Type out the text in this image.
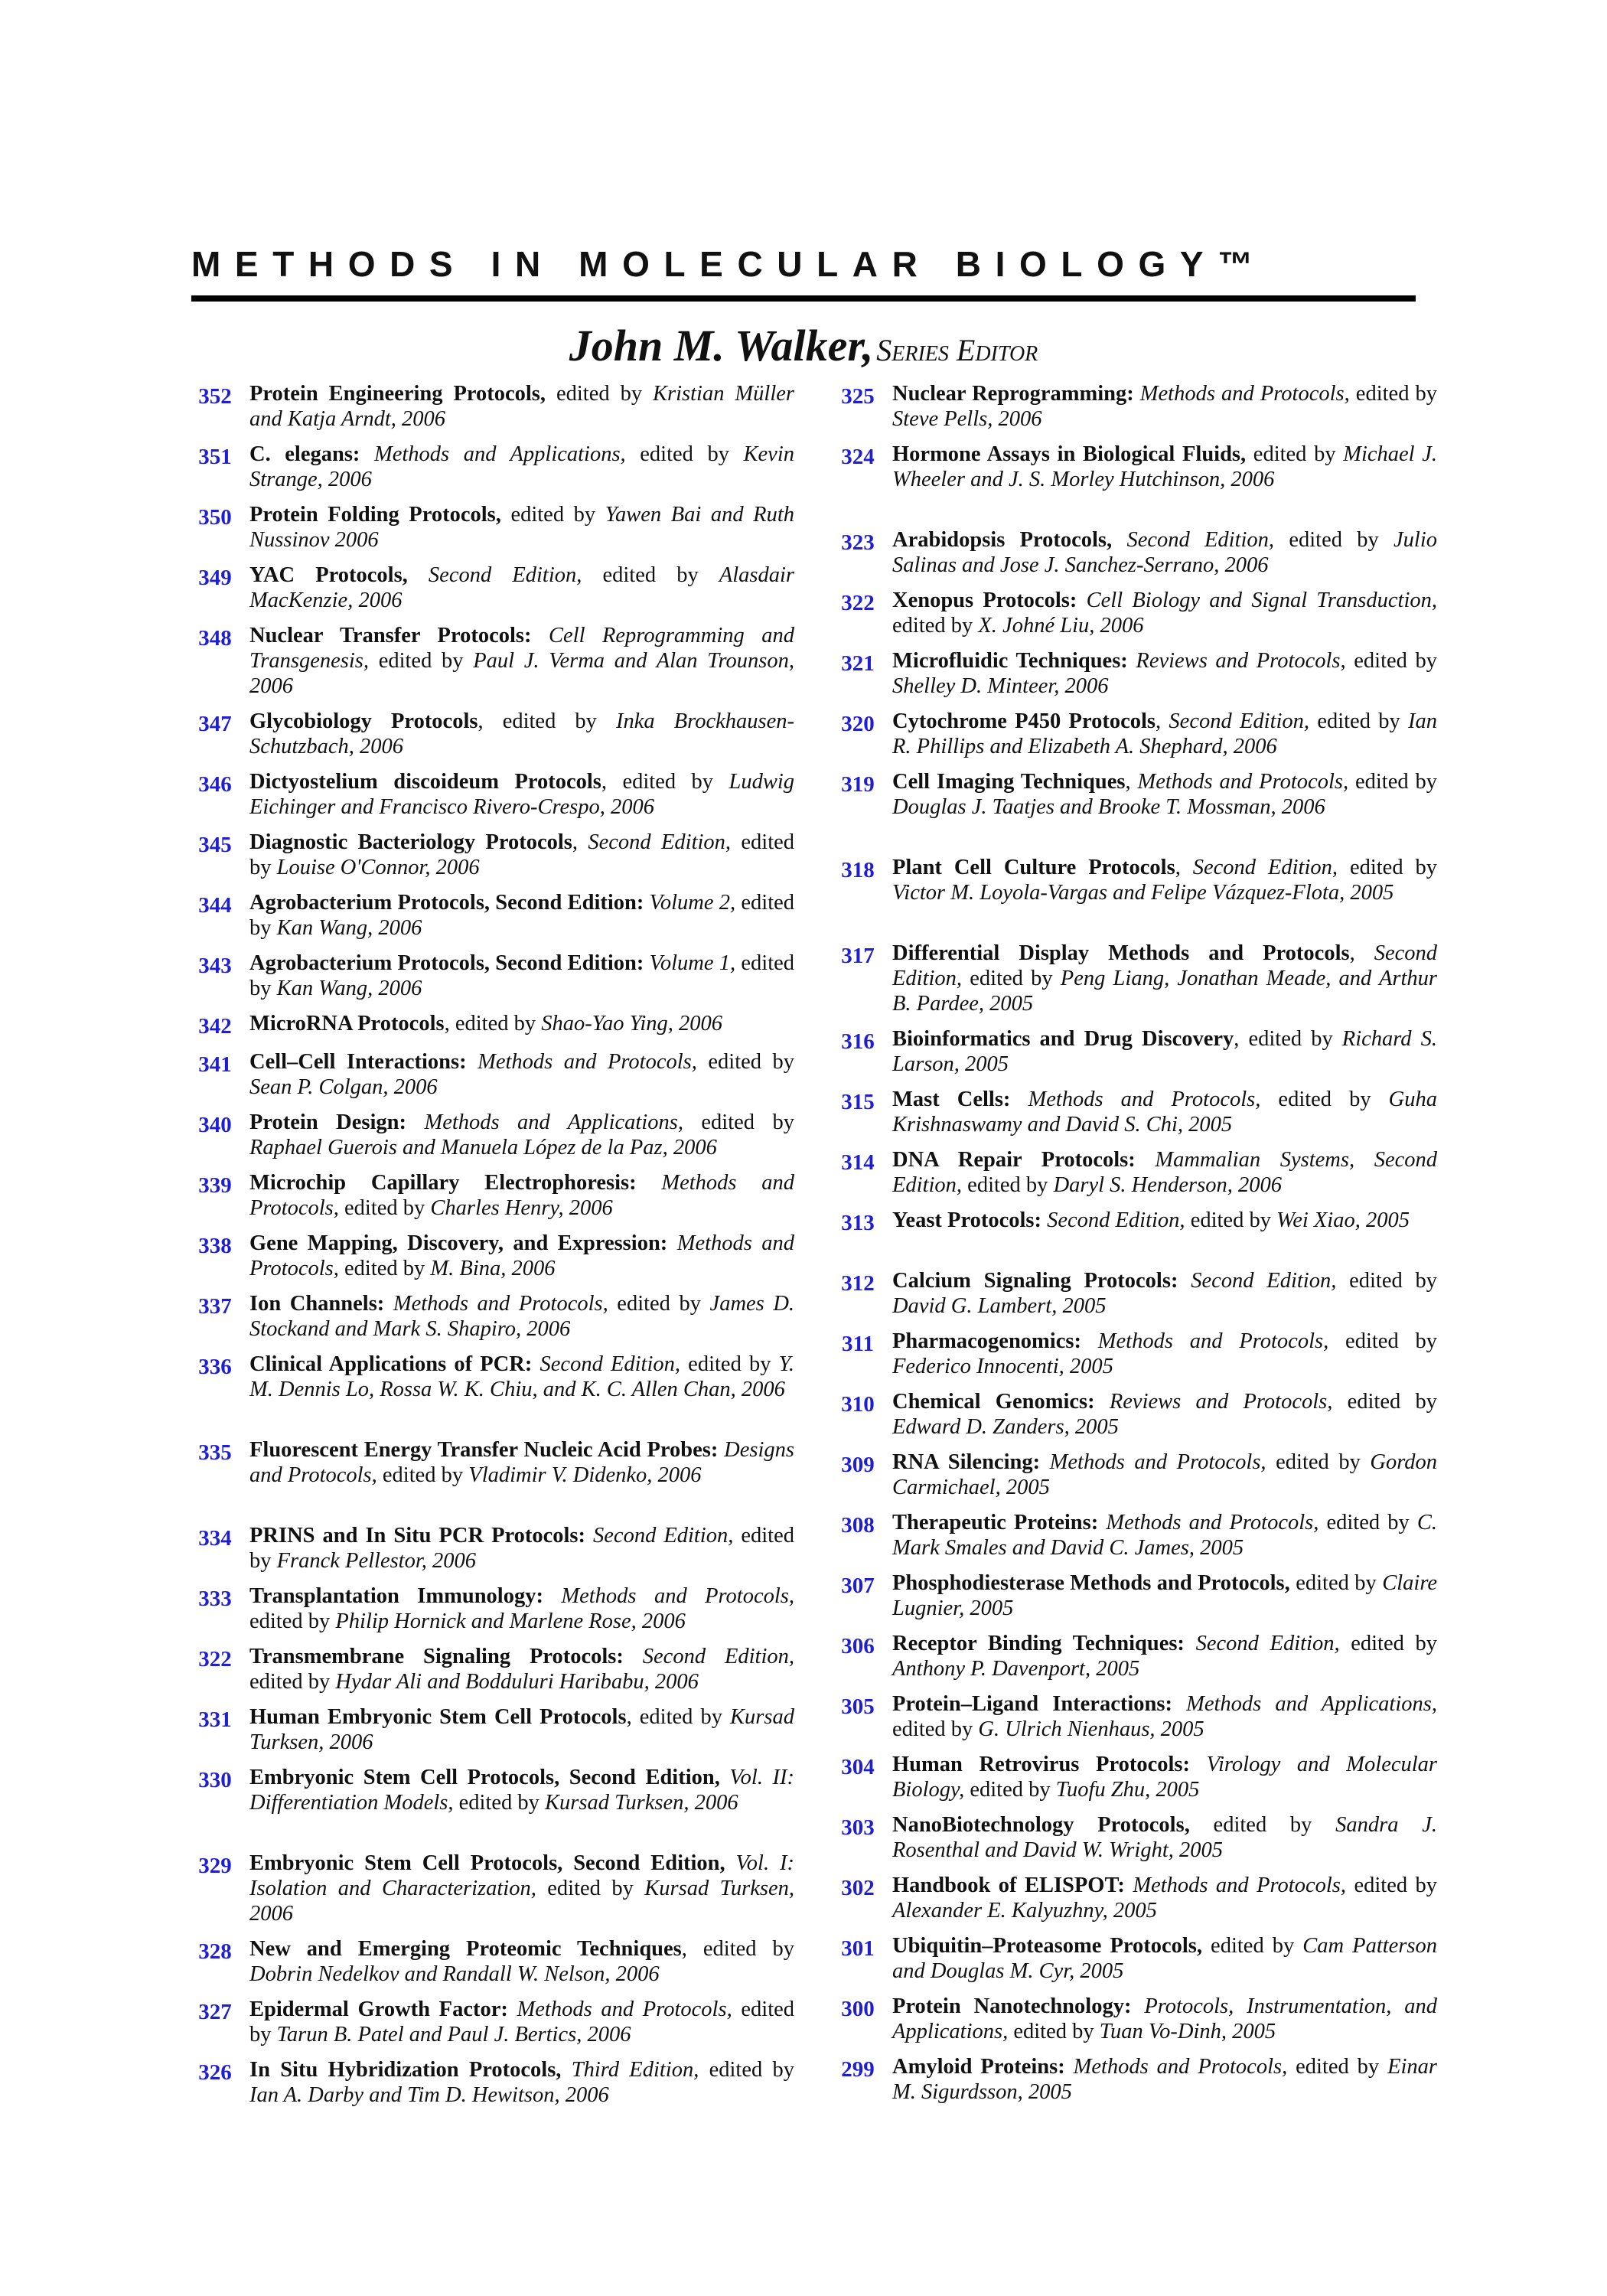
METHODS IN MOLECULAR BIOLOGY™
John M. Walker, Series Editor
352 Protein Engineering Protocols, edited by Kristian Müller and Katja Arndt, 2006
351 C. elegans: Methods and Applications, edited by Kevin Strange, 2006
350 Protein Folding Protocols, edited by Yawen Bai and Ruth Nussinov 2006
349 YAC Protocols, Second Edition, edited by Alasdair MacKenzie, 2006
348 Nuclear Transfer Protocols: Cell Reprogramming and Transgenesis, edited by Paul J. Verma and Alan Trounson, 2006
347 Glycobiology Protocols, edited by Inka Brockhausen-Schutzbach, 2006
346 Dictyostelium discoideum Protocols, edited by Ludwig Eichinger and Francisco Rivero-Crespo, 2006
345 Diagnostic Bacteriology Protocols, Second Edition, edited by Louise O'Connor, 2006
344 Agrobacterium Protocols, Second Edition: Volume 2, edited by Kan Wang, 2006
343 Agrobacterium Protocols, Second Edition: Volume 1, edited by Kan Wang, 2006
342 MicroRNA Protocols, edited by Shao-Yao Ying, 2006
341 Cell–Cell Interactions: Methods and Protocols, edited by Sean P. Colgan, 2006
340 Protein Design: Methods and Applications, edited by Raphael Guerois and Manuela López de la Paz, 2006
339 Microchip Capillary Electrophoresis: Methods and Protocols, edited by Charles Henry, 2006
338 Gene Mapping, Discovery, and Expression: Methods and Protocols, edited by M. Bina, 2006
337 Ion Channels: Methods and Protocols, edited by James D. Stockand and Mark S. Shapiro, 2006
336 Clinical Applications of PCR: Second Edition, edited by Y. M. Dennis Lo, Rossa W. K. Chiu, and K. C. Allen Chan, 2006
335 Fluorescent Energy Transfer Nucleic Acid Probes: Designs and Protocols, edited by Vladimir V. Didenko, 2006
334 PRINS and In Situ PCR Protocols: Second Edition, edited by Franck Pellestor, 2006
333 Transplantation Immunology: Methods and Protocols, edited by Philip Hornick and Marlene Rose, 2006
322 Transmembrane Signaling Protocols: Second Edition, edited by Hydar Ali and Bodduluri Haribabu, 2006
331 Human Embryonic Stem Cell Protocols, edited by Kursad Turksen, 2006
330 Embryonic Stem Cell Protocols, Second Edition, Vol. II: Differentiation Models, edited by Kursad Turksen, 2006
329 Embryonic Stem Cell Protocols, Second Edition, Vol. I: Isolation and Characterization, edited by Kursad Turksen, 2006
328 New and Emerging Proteomic Techniques, edited by Dobrin Nedelkov and Randall W. Nelson, 2006
327 Epidermal Growth Factor: Methods and Protocols, edited by Tarun B. Patel and Paul J. Bertics, 2006
326 In Situ Hybridization Protocols, Third Edition, edited by Ian A. Darby and Tim D. Hewitson, 2006
325 Nuclear Reprogramming: Methods and Protocols, edited by Steve Pells, 2006
324 Hormone Assays in Biological Fluids, edited by Michael J. Wheeler and J. S. Morley Hutchinson, 2006
323 Arabidopsis Protocols, Second Edition, edited by Julio Salinas and Jose J. Sanchez-Serrano, 2006
322 Xenopus Protocols: Cell Biology and Signal Transduction, edited by X. Johné Liu, 2006
321 Microfluidic Techniques: Reviews and Protocols, edited by Shelley D. Minteer, 2006
320 Cytochrome P450 Protocols, Second Edition, edited by Ian R. Phillips and Elizabeth A. Shephard, 2006
319 Cell Imaging Techniques, Methods and Protocols, edited by Douglas J. Taatjes and Brooke T. Mossman, 2006
318 Plant Cell Culture Protocols, Second Edition, edited by Victor M. Loyola-Vargas and Felipe Vázquez-Flota, 2005
317 Differential Display Methods and Protocols, Second Edition, edited by Peng Liang, Jonathan Meade, and Arthur B. Pardee, 2005
316 Bioinformatics and Drug Discovery, edited by Richard S. Larson, 2005
315 Mast Cells: Methods and Protocols, edited by Guha Krishnaswamy and David S. Chi, 2005
314 DNA Repair Protocols: Mammalian Systems, Second Edition, edited by Daryl S. Henderson, 2006
313 Yeast Protocols: Second Edition, edited by Wei Xiao, 2005
312 Calcium Signaling Protocols: Second Edition, edited by David G. Lambert, 2005
311 Pharmacogenomics: Methods and Protocols, edited by Federico Innocenti, 2005
310 Chemical Genomics: Reviews and Protocols, edited by Edward D. Zanders, 2005
309 RNA Silencing: Methods and Protocols, edited by Gordon Carmichael, 2005
308 Therapeutic Proteins: Methods and Protocols, edited by C. Mark Smales and David C. James, 2005
307 Phosphodiesterase Methods and Protocols, edited by Claire Lugnier, 2005
306 Receptor Binding Techniques: Second Edition, edited by Anthony P. Davenport, 2005
305 Protein–Ligand Interactions: Methods and Applications, edited by G. Ulrich Nienhaus, 2005
304 Human Retrovirus Protocols: Virology and Molecular Biology, edited by Tuofu Zhu, 2005
303 NanoBiotechnology Protocols, edited by Sandra J. Rosenthal and David W. Wright, 2005
302 Handbook of ELISPOT: Methods and Protocols, edited by Alexander E. Kalyuzhny, 2005
301 Ubiquitin–Proteasome Protocols, edited by Cam Patterson and Douglas M. Cyr, 2005
300 Protein Nanotechnology: Protocols, Instrumentation, and Applications, edited by Tuan Vo-Dinh, 2005
299 Amyloid Proteins: Methods and Protocols, edited by Einar M. Sigurdsson, 2005
